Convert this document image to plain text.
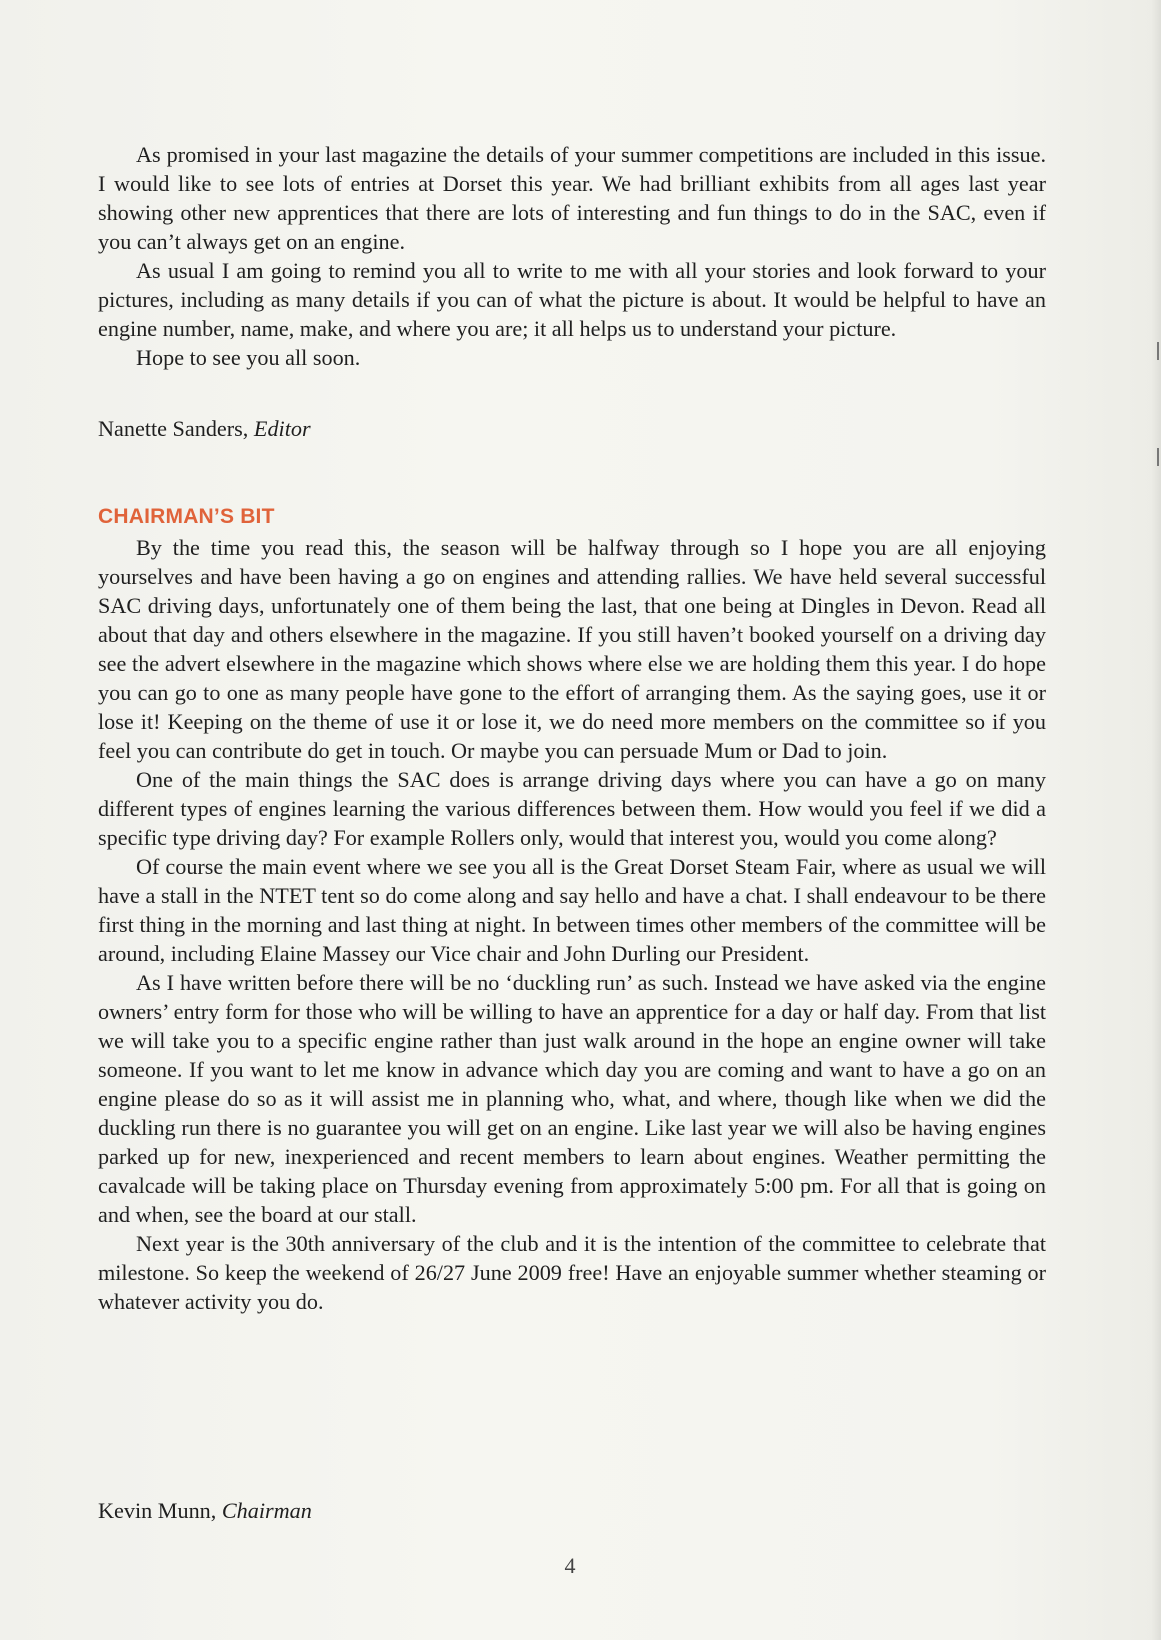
As promised in your last magazine the details of your summer competitions are included in this issue. I would like to see lots of entries at Dorset this year. We had brilliant exhibits from all ages last year showing other new apprentices that there are lots of interesting and fun things to do in the SAC, even if you can’t always get on an engine.

As usual I am going to remind you all to write to me with all your stories and look forward to your pictures, including as many details if you can of what the picture is about. It would be helpful to have an engine number, name, make, and where you are; it all helps us to understand your picture.

Hope to see you all soon.

Nanette Sanders, Editor
CHAIRMAN’S BIT

By the time you read this, the season will be halfway through so I hope you are all enjoying yourselves and have been having a go on engines and attending rallies. We have held several successful SAC driving days, unfortunately one of them being the last, that one being at Dingles in Devon. Read all about that day and others elsewhere in the magazine. If you still haven’t booked yourself on a driving day see the advert elsewhere in the magazine which shows where else we are holding them this year. I do hope you can go to one as many people have gone to the effort of arranging them. As the saying goes, use it or lose it! Keeping on the theme of use it or lose it, we do need more members on the committee so if you feel you can contribute do get in touch. Or maybe you can persuade Mum or Dad to join.

One of the main things the SAC does is arrange driving days where you can have a go on many different types of engines learning the various differences between them. How would you feel if we did a specific type driving day? For example Rollers only, would that interest you, would you come along?

Of course the main event where we see you all is the Great Dorset Steam Fair, where as usual we will have a stall in the NTET tent so do come along and say hello and have a chat. I shall endeavour to be there first thing in the morning and last thing at night. In between times other members of the committee will be around, including Elaine Massey our Vice chair and John Durling our President.

As I have written before there will be no ‘duckling run’ as such. Instead we have asked via the engine owners’ entry form for those who will be willing to have an apprentice for a day or half day. From that list we will take you to a specific engine rather than just walk around in the hope an engine owner will take someone. If you want to let me know in advance which day you are coming and want to have a go on an engine please do so as it will assist me in planning who, what, and where, though like when we did the duckling run there is no guarantee you will get on an engine. Like last year we will also be having engines parked up for new, inexperienced and recent members to learn about engines. Weather permitting the cavalcade will be taking place on Thursday evening from approximately 5:00 pm. For all that is going on and when, see the board at our stall.

Next year is the 30th anniversary of the club and it is the intention of the committee to celebrate that milestone. So keep the weekend of 26/27 June 2009 free! Have an enjoyable summer whether steaming or whatever activity you do.

Kevin Munn, Chairman
4
